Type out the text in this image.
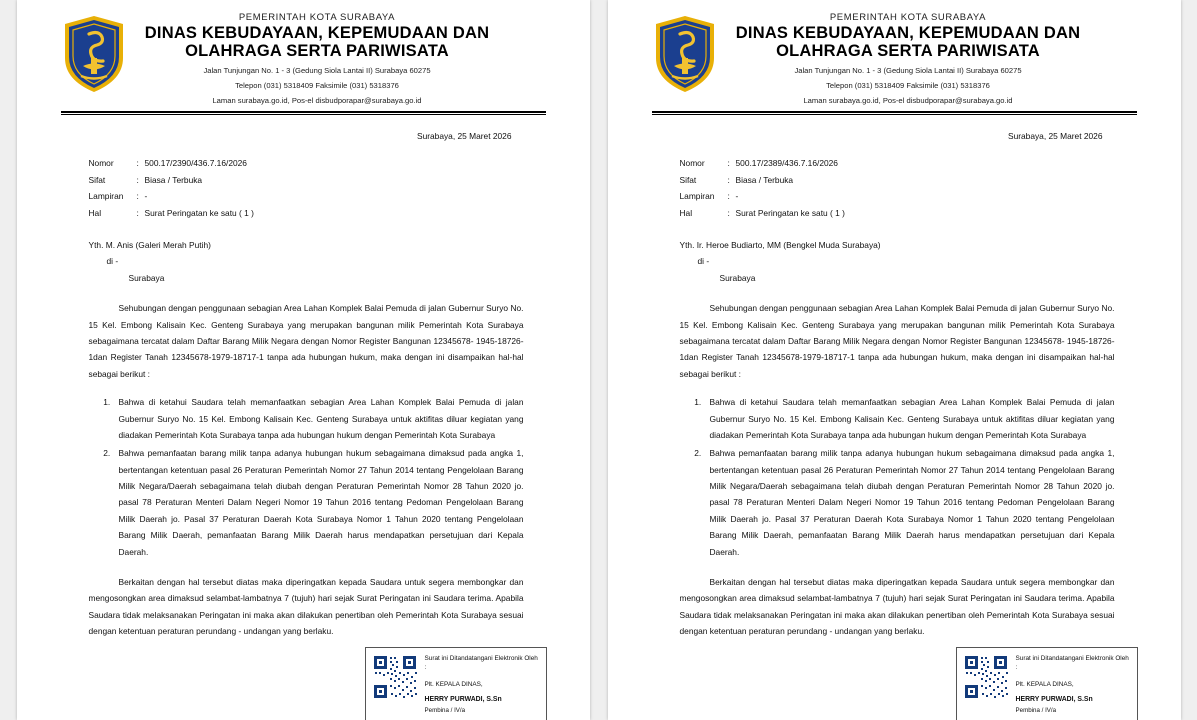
PEMERINTAH KOTA SURABAYA
DINAS KEBUDAYAAN, KEPEMUDAAN DAN
OLAHRAGA SERTA PARIWISATA
Jalan Tunjungan No. 1 - 3 (Gedung Siola Lantai II) Surabaya 60275
Telepon (031) 5318409 Faksimile (031) 5318376
Laman surabaya.go.id, Pos-el disbudporapar@surabaya.go.id
Surabaya, 25 Maret 2026
Nomor	: 500.17/2390/436.7.16/2026
Sifat	: Biasa / Terbuka
Lampiran	: -
Hal	: Surat Peringatan ke satu ( 1 )
Yth. M. Anis (Galeri Merah Putih)
di -
Surabaya
Sehubungan dengan penggunaan sebagian Area Lahan Komplek Balai Pemuda di jalan Gubernur Suryo No. 15 Kel. Embong Kalisain Kec. Genteng Surabaya yang merupakan bangunan milik Pemerintah Kota Surabaya sebagaimana tercatat dalam Daftar Barang Milik Negara dengan Nomor Register Bangunan 12345678- 1945-18726-1dan Register Tanah 12345678-1979-18717-1 tanpa ada hubungan hukum, maka dengan ini disampaikan hal-hal sebagai berikut :
1. Bahwa di ketahui Saudara telah memanfaatkan sebagian Area Lahan Komplek Balai Pemuda di jalan Gubernur Suryo No. 15 Kel. Embong Kalisain Kec. Genteng Surabaya untuk aktifitas diluar kegiatan yang diadakan Pemerintah Kota Surabaya tanpa ada hubungan hukum dengan Pemerintah Kota Surabaya
2. Bahwa pemanfaatan barang milik tanpa adanya hubungan hukum sebagaimana dimaksud pada angka 1, bertentangan ketentuan pasal 26 Peraturan Pemerintah Nomor 27 Tahun 2014 tentang Pengelolaan Barang Milik Negara/Daerah sebagaimana telah diubah dengan Peraturan Pemerintah Nomor 28 Tahun 2020 jo. pasal 78 Peraturan Menteri Dalam Negeri Nomor 19 Tahun 2016 tentang Pedoman Pengelolaan Barang Milik Daerah jo. Pasal 37 Peraturan Daerah Kota Surabaya Nomor 1 Tahun 2020 tentang Pengelolaan Barang Milik Daerah, pemanfaatan Barang Milik Daerah harus mendapatkan persetujuan dari Kepala Daerah.
Berkaitan dengan hal tersebut diatas maka diperingatkan kepada Saudara untuk segera membongkar dan mengosongkan area dimaksud selambat-lambatnya 7 (tujuh) hari sejak Surat Peringatan ini Saudara terima. Apabila Saudara tidak melaksanakan Peringatan ini maka akan dilakukan penertiban oleh Pemerintah Kota Surabaya sesuai dengan ketentuan peraturan perundang - undangan yang berlaku.
Surat ini Ditandatangani Elektronik Oleh :
Plt. KEPALA DINAS,
HERRY PURWADI, S.Sn
Pembina / IV/a
PEMERINTAH KOTA SURABAYA
DINAS KEBUDAYAAN, KEPEMUDAAN DAN
OLAHRAGA SERTA PARIWISATA
Jalan Tunjungan No. 1 - 3 (Gedung Siola Lantai II) Surabaya 60275
Telepon (031) 5318409 Faksimile (031) 5318376
Laman surabaya.go.id, Pos-el disbudporapar@surabaya.go.id
Surabaya, 25 Maret 2026
Nomor	: 500.17/2389/436.7.16/2026
Sifat	: Biasa / Terbuka
Lampiran	: -
Hal	: Surat Peringatan ke satu ( 1 )
Yth. Ir. Heroe Budiarto, MM (Bengkel Muda Surabaya)
di -
Surabaya
Sehubungan dengan penggunaan sebagian Area Lahan Komplek Balai Pemuda di jalan Gubernur Suryo No. 15 Kel. Embong Kalisain Kec. Genteng Surabaya yang merupakan bangunan milik Pemerintah Kota Surabaya sebagaimana tercatat dalam Daftar Barang Milik Negara dengan Nomor Register Bangunan 12345678- 1945-18726-1dan Register Tanah 12345678-1979-18717-1 tanpa ada hubungan hukum, maka dengan ini disampaikan hal-hal sebagai berikut :
1. Bahwa di ketahui Saudara telah memanfaatkan sebagian Area Lahan Komplek Balai Pemuda di jalan Gubernur Suryo No. 15 Kel. Embong Kalisain Kec. Genteng Surabaya untuk aktifitas diluar kegiatan yang diadakan Pemerintah Kota Surabaya tanpa ada hubungan hukum dengan Pemerintah Kota Surabaya
2. Bahwa pemanfaatan barang milik tanpa adanya hubungan hukum sebagaimana dimaksud pada angka 1, bertentangan ketentuan pasal 26 Peraturan Pemerintah Nomor 27 Tahun 2014 tentang Pengelolaan Barang Milik Negara/Daerah sebagaimana telah diubah dengan Peraturan Pemerintah Nomor 28 Tahun 2020 jo. pasal 78 Peraturan Menteri Dalam Negeri Nomor 19 Tahun 2016 tentang Pedoman Pengelolaan Barang Milik Daerah jo. Pasal 37 Peraturan Daerah Kota Surabaya Nomor 1 Tahun 2020 tentang Pengelolaan Barang Milik Daerah, pemanfaatan Barang Milik Daerah harus mendapatkan persetujuan dari Kepala Daerah.
Berkaitan dengan hal tersebut diatas maka diperingatkan kepada Saudara untuk segera membongkar dan mengosongkan area dimaksud selambat-lambatnya 7 (tujuh) hari sejak Surat Peringatan ini Saudara terima. Apabila Saudara tidak melaksanakan Peringatan ini maka akan dilakukan penertiban oleh Pemerintah Kota Surabaya sesuai dengan ketentuan peraturan perundang - undangan yang berlaku.
Surat ini Ditandatangani Elektronik Oleh :
Plt. KEPALA DINAS,
HERRY PURWADI, S.Sn
Pembina / IV/a
